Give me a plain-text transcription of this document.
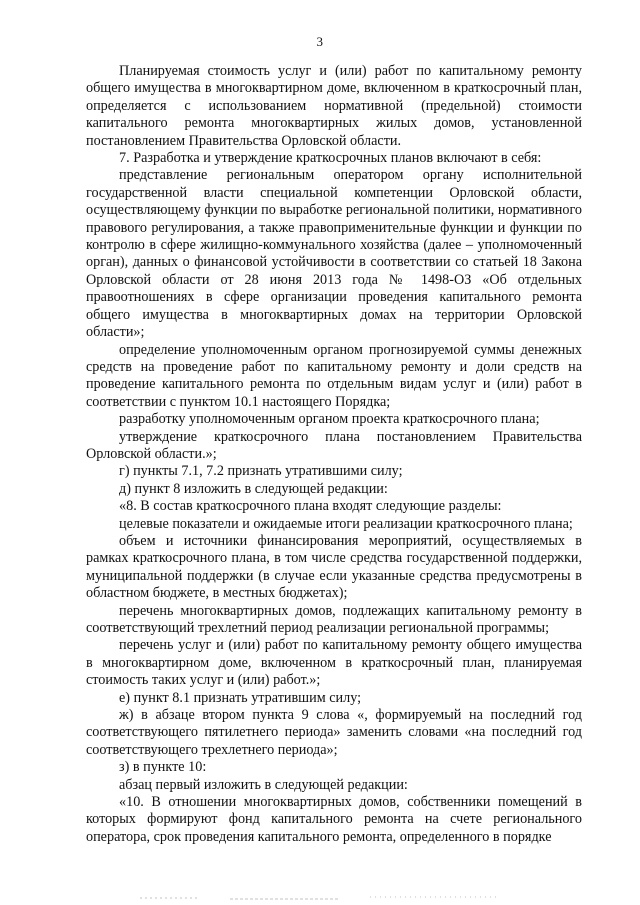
3

Планируемая стоимость услуг и (или) работ по капитальному ремонту общего имущества в многоквартирном доме, включенном в краткосрочный план, определяется с использованием нормативной (предельной) стоимости капитального ремонта многоквартирных жилых домов, установленной постановлением Правительства Орловской области.

7. Разработка и утверждение краткосрочных планов включают в себя:

представление региональным оператором органу исполнительной государственной власти специальной компетенции Орловской области, осуществляющему функции по выработке региональной политики, нормативного правового регулирования, а также правоприменительные функции и функции по контролю в сфере жилищно-коммунального хозяйства (далее – уполномоченный орган), данных о финансовой устойчивости в соответствии со статьей 18 Закона Орловской области от 28 июня 2013 года № 1498-ОЗ «Об отдельных правоотношениях в сфере организации проведения капитального ремонта общего имущества в многоквартирных домах на территории Орловской области»;

определение уполномоченным органом прогнозируемой суммы денежных средств на проведение работ по капитальному ремонту и доли средств на проведение капитального ремонта по отдельным видам услуг и (или) работ в соответствии с пунктом 10.1 настоящего Порядка;

разработку уполномоченным органом проекта краткосрочного плана;

утверждение краткосрочного плана постановлением Правительства Орловской области.»;

г) пункты 7.1, 7.2 признать утратившими силу;

д) пункт 8 изложить в следующей редакции:

«8. В состав краткосрочного плана входят следующие разделы:

целевые показатели и ожидаемые итоги реализации краткосрочного плана;

объем и источники финансирования мероприятий, осуществляемых в рамках краткосрочного плана, в том числе средства государственной поддержки, муниципальной поддержки (в случае если указанные средства предусмотрены в областном бюджете, в местных бюджетах);

перечень многоквартирных домов, подлежащих капитальному ремонту в соответствующий трехлетний период реализации региональной программы;

перечень услуг и (или) работ по капитальному ремонту общего имущества в многоквартирном доме, включенном в краткосрочный план, планируемая стоимость таких услуг и (или) работ.»;

е) пункт 8.1 признать утратившим силу;

ж) в абзаце втором пункта 9 слова «, формируемый на последний год соответствующего пятилетнего периода» заменить словами «на последний год соответствующего трехлетнего периода»;

з) в пункте 10:

абзац первый изложить в следующей редакции:

«10. В отношении многоквартирных домов, собственники помещений в которых формируют фонд капитального ремонта на счете регионального оператора, срок проведения капитального ремонта, определенного в порядке
